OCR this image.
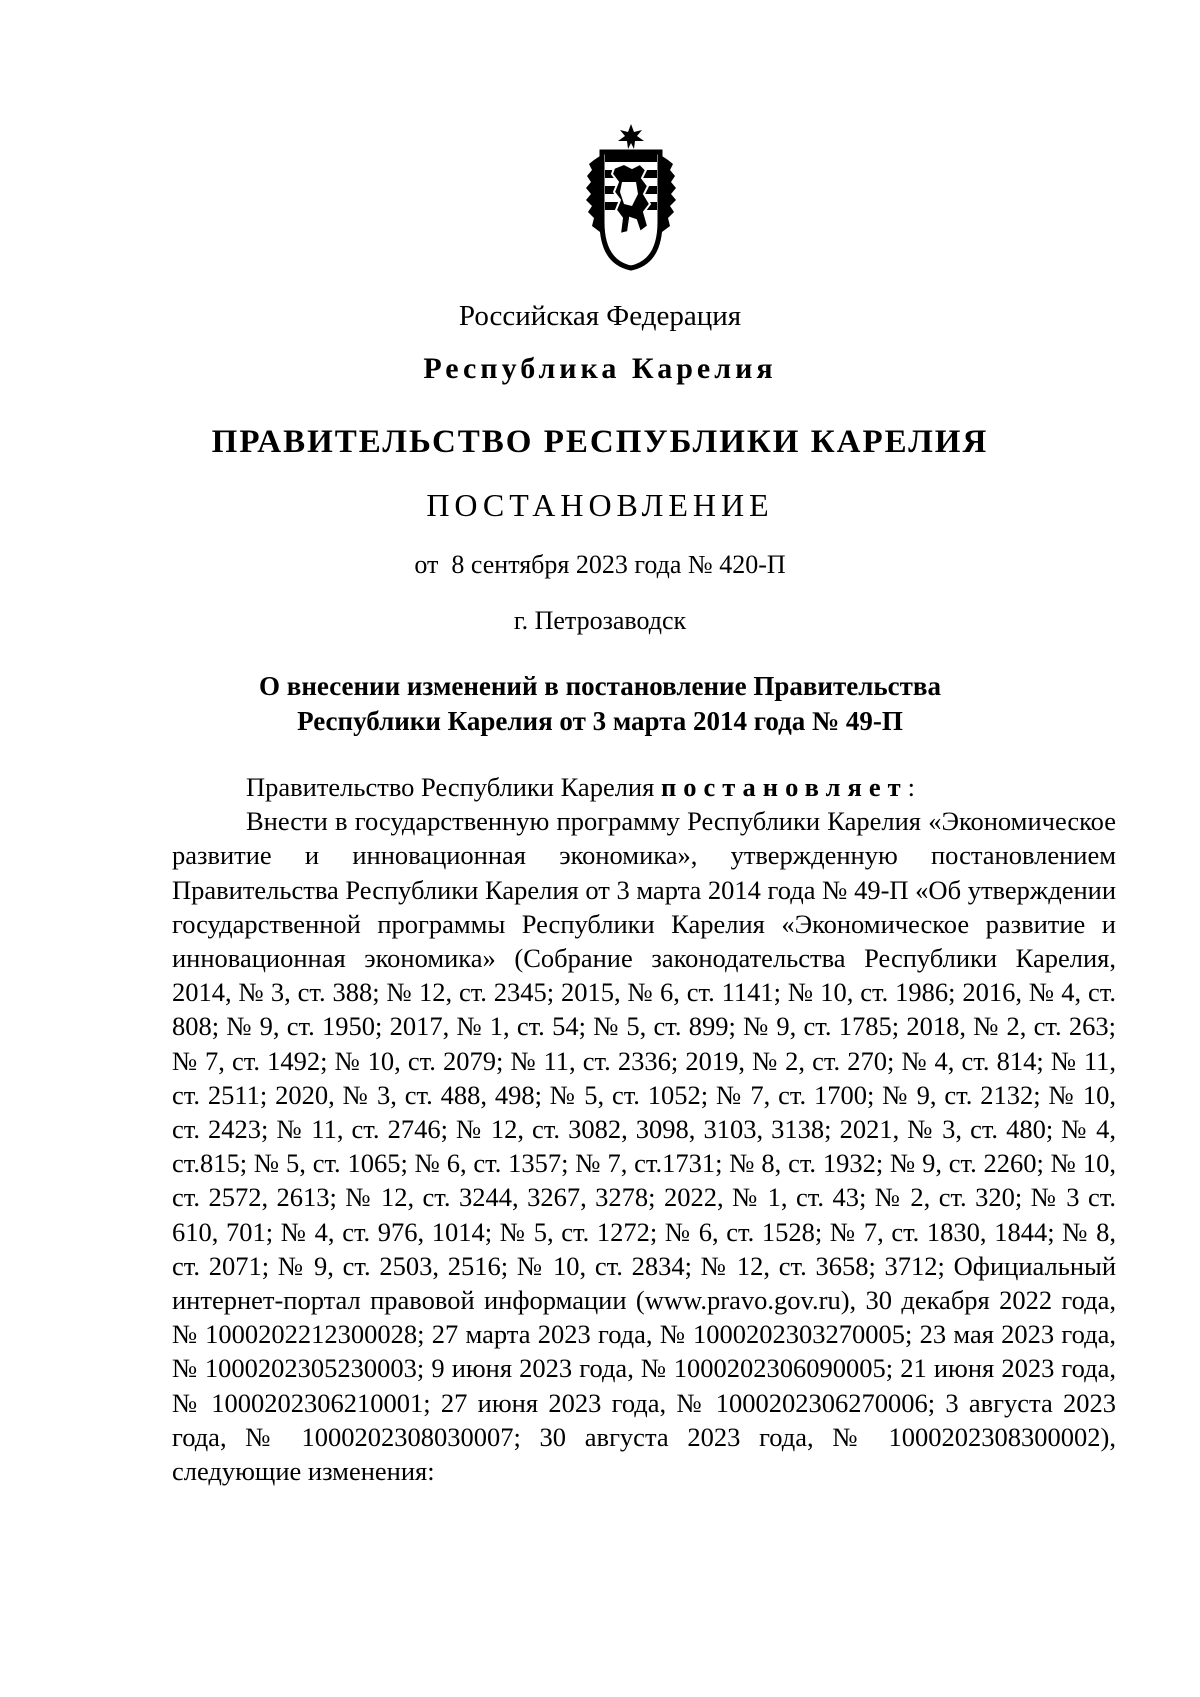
Российская Федерация
Республика Карелия
ПРАВИТЕЛЬСТВО РЕСПУБЛИКИ КАРЕЛИЯ
ПОСТАНОВЛЕНИЕ
от  8 сентября 2023 года № 420-П
г. Петрозаводск
О внесении изменений в постановление Правительства
Республики Карелия от 3 марта 2014 года № 49-П

Правительство Республики Карелия постановляет:

Внести в государственную программу Республики Карелия «Экономическое развитие и инновационная экономика», утвержденную постановлением Правительства Республики Карелия от 3 марта 2014 года № 49-П «Об утверждении государственной программы Республики Карелия «Экономическое развитие и инновационная экономика» (Собрание законодательства Республики Карелия, 2014, № 3, ст. 388; № 12, ст. 2345; 2015, № 6, ст. 1141; № 10, ст. 1986; 2016, № 4, ст. 808; № 9, ст. 1950; 2017, № 1, ст. 54; № 5, ст. 899; № 9, ст. 1785; 2018, № 2, ст. 263; № 7, ст. 1492; № 10, ст. 2079; № 11, ст. 2336; 2019, № 2, ст. 270; № 4, ст. 814; № 11, ст. 2511; 2020, № 3, ст. 488, 498; № 5, ст. 1052; № 7, ст. 1700; № 9, ст. 2132; № 10, ст. 2423; № 11, ст. 2746; № 12, ст. 3082, 3098, 3103, 3138; 2021, № 3, ст. 480; № 4, ст.815; № 5, ст. 1065; № 6, ст. 1357; № 7, ст.1731; № 8, ст. 1932; № 9, ст. 2260; № 10, ст. 2572, 2613; № 12, ст. 3244, 3267, 3278; 2022, № 1, ст. 43; № 2, ст. 320; № 3 ст. 610, 701; № 4, ст. 976, 1014; № 5, ст. 1272; № 6, ст. 1528; № 7, ст. 1830, 1844; № 8, ст. 2071; № 9, ст. 2503, 2516; № 10, ст. 2834; № 12, ст. 3658; 3712; Официальный интернет-портал правовой информации (www.pravo.gov.ru), 30 декабря 2022 года, № 1000202212300028; 27 марта 2023 года, № 1000202303270005; 23 мая 2023 года, № 1000202305230003; 9 июня 2023 года, № 1000202306090005; 21 июня 2023 года, № 1000202306210001; 27 июня 2023 года, № 1000202306270006; 3 августа 2023 года, № 1000202308030007; 30 августа 2023 года, № 1000202308300002), следующие изменения:
